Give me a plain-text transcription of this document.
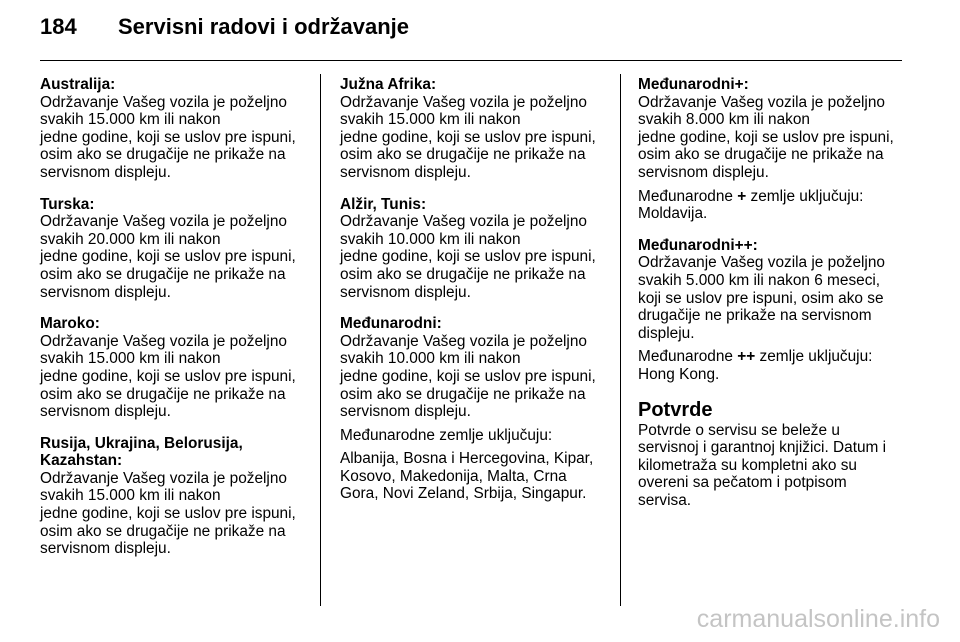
184 Servisni radovi i održavanje
Australija:
Održavanje Vašeg vozila je poželjno
svakih 15.000 km ili nakon
jedne godine, koji se uslov pre ispuni,
osim ako se drugačije ne prikaže na
servisnom displeju.
Turska:
Održavanje Vašeg vozila je poželjno
svakih 20.000 km ili nakon
jedne godine, koji se uslov pre ispuni,
osim ako se drugačije ne prikaže na
servisnom displeju.
Maroko:
Održavanje Vašeg vozila je poželjno
svakih 15.000 km ili nakon
jedne godine, koji se uslov pre ispuni,
osim ako se drugačije ne prikaže na
servisnom displeju.
Rusija, Ukrajina, Belorusija,
Kazahstan:
Održavanje Vašeg vozila je poželjno
svakih 15.000 km ili nakon
jedne godine, koji se uslov pre ispuni,
osim ako se drugačije ne prikaže na
servisnom displeju.
Južna Afrika:
Održavanje Vašeg vozila je poželjno
svakih 15.000 km ili nakon
jedne godine, koji se uslov pre ispuni,
osim ako se drugačije ne prikaže na
servisnom displeju.
Alžir, Tunis:
Održavanje Vašeg vozila je poželjno
svakih 10.000 km ili nakon
jedne godine, koji se uslov pre ispuni,
osim ako se drugačije ne prikaže na
servisnom displeju.
Međunarodni:
Održavanje Vašeg vozila je poželjno
svakih 10.000 km ili nakon
jedne godine, koji se uslov pre ispuni,
osim ako se drugačije ne prikaže na
servisnom displeju.
Međunarodne zemlje uključuju:
Albanija, Bosna i Hercegovina, Kipar,
Kosovo, Makedonija, Malta, Crna
Gora, Novi Zeland, Srbija, Singapur.
Međunarodni+:
Održavanje Vašeg vozila je poželjno
svakih 8.000 km ili nakon
jedne godine, koji se uslov pre ispuni,
osim ako se drugačije ne prikaže na
servisnom displeju.
Međunarodne + zemlje uključuju:
Moldavija.
Međunarodni++:
Održavanje Vašeg vozila je poželjno
svakih 5.000 km ili nakon 6 meseci,
koji se uslov pre ispuni, osim ako se
drugačije ne prikaže na servisnom
displeju.
Međunarodne ++ zemlje uključuju:
Hong Kong.
Potvrde
Potvrde o servisu se beleže u
servisnoj i garantnoj knjižici. Datum i
kilometraža su kompletni ako su
overeni sa pečatom i potpisom
servisa.
carmanualsonline.info
